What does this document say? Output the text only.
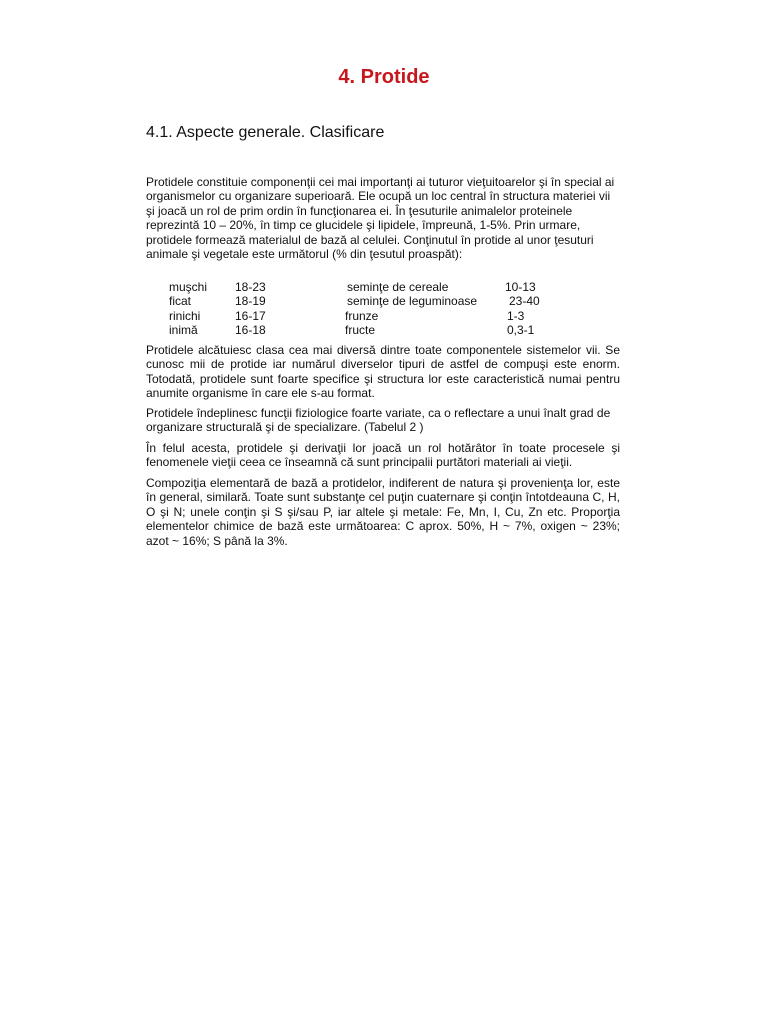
4. Protide
4.1. Aspecte generale. Clasificare

Protidele constituie componenţii cei mai importanţi ai tuturor vieţuitoarelor şi în special ai organismelor cu organizare superioară. Ele ocupă un loc central în structura materiei vii şi joacă un rol de prim ordin în funcţionarea ei. În ţesuturile animalelor proteinele reprezintă 10 – 20%, în timp ce glucidele şi lipidele, împreună, 1-5%. Prin urmare, protidele formează materialul de bază al celulei. Conţinutul în protide al unor ţesuturi animale şi vegetale este următorul (% din ţesutul proaspăt):

muşchi 18-23	seminţe de cereale	10-13
ficat	18-19	seminţe de leguminoase	23-40
rinichi	16-17	frunze	1-3
inimă	16-18	fructe	0,3-1

Protidele alcătuiesc clasa cea mai diversă dintre toate componentele sistemelor vii. Se cunosc mii de protide iar numărul diverselor tipuri de astfel de compuşi este enorm. Totodată, protidele sunt foarte specifice şi structura lor este caracteristică numai pentru anumite organisme în care ele s-au format.

Protidele îndeplinesc funcţii fiziologice foarte variate, ca o reflectare a unui înalt grad de organizare structurală şi de specializare. (Tabelul 2 )

În felul acesta, protidele şi derivaţii lor joacă un rol hotărâtor în toate procesele şi fenomenele vieţii ceea ce înseamnă că sunt principalii purtători materiali ai vieţii.

Compoziţia elementară de bază a protidelor, indiferent de natura şi provenienţa lor, este în general, similară. Toate sunt substanţe cel puţin cuaternare şi conţin întotdeauna C, H, O şi N; unele conţin şi S şi/sau P, iar altele şi metale: Fe, Mn, I, Cu, Zn etc. Proporţia elementelor chimice de bază este următoarea: C aprox. 50%, H ~ 7%, oxigen ~ 23%; azot ~ 16%; S până la 3%.
